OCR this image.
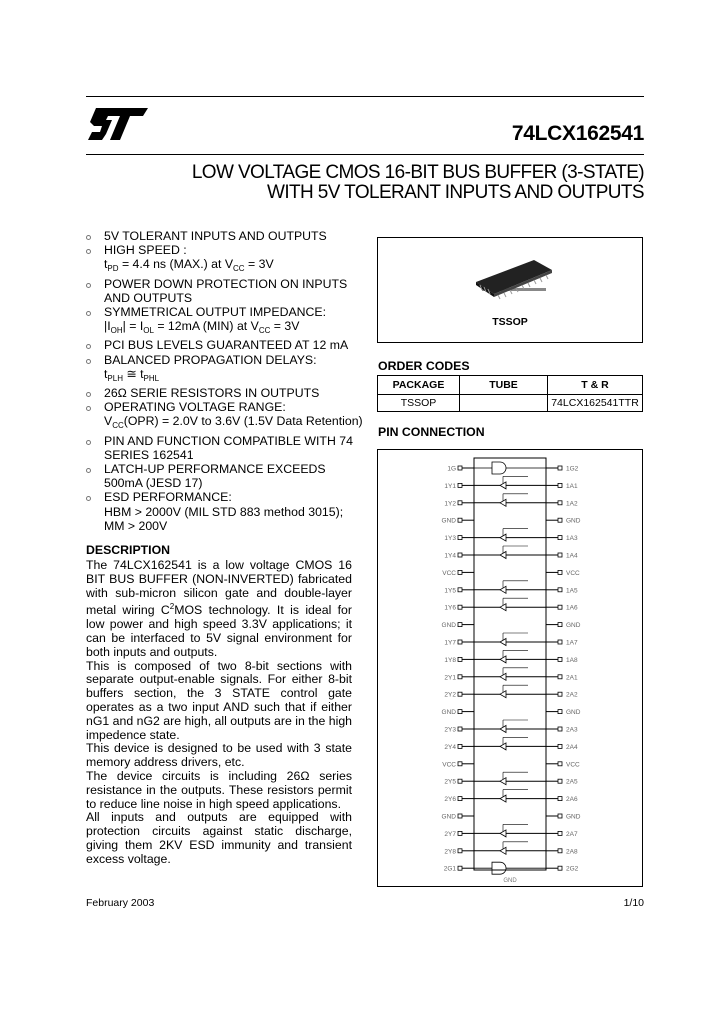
74LCX162541
LOW VOLTAGE CMOS 16-BIT BUS BUFFER (3-STATE)
WITH 5V TOLERANT INPUTS AND OUTPUTS
5V TOLERANT INPUTS AND OUTPUTS
HIGH SPEED :
$t_{PD} = 4.4$ ns (MAX.) at $V_{CC} = 3V$
POWER DOWN PROTECTION ON INPUTS AND OUTPUTS
SYMMETRICAL OUTPUT IMPEDANCE:
$|I_{OH}| = I_{OL} = 12mA$ (MIN) at $V_{CC} = 3V$
PCI BUS LEVELS GUARANTEED AT 12 mA
BALANCED PROPAGATION DELAYS:
$t_{PLH}$ ≅ $t_{PHL}$
26Ω SERIE RESISTORS IN OUTPUTS
OPERATING VOLTAGE RANGE:
$V_{CC}(OPR) = 2.0V$ to 3.6V (1.5V Data Retention)
PIN AND FUNCTION COMPATIBLE WITH 74 SERIES 162541
LATCH-UP PERFORMANCE EXCEEDS 500mA (JESD 17)
ESD PERFORMANCE:
HBM > 2000V (MIL STD 883 method 3015);
MM > 200V
DESCRIPTION

The 74LCX162541 is a low voltage CMOS 16 BIT BUS BUFFER (NON-INVERTED) fabricated with sub-micron silicon gate and double-layer metal wiring $C^2MOS$ technology. It is ideal for low power and high speed 3.3V applications; it can be interfaced to 5V signal environment for both inputs and outputs.

This is composed of two 8-bit sections with separate output-enable signals. For either 8-bit buffers section, the 3 STATE control gate operates as a two input AND such that if either nG1 and nG2 are high, all outputs are in the high impedence state.

This device is designed to be used with 3 state memory address drivers, etc.

The device circuits is including 26Ω series resistance in the outputs. These resistors permit to reduce line noise in high speed applications.

All inputs and outputs are equipped with protection circuits against static discharge, giving them 2KV ESD immunity and transient excess voltage.

TSSOP
ORDER CODES
PACKAGE	TUBE	T & R
TSSOP		74LCX162541TTR
PIN CONNECTION
1G	1G2
1Y1	1A1
1Y2	1A2
GND	GND
1Y3	1A3
1Y4	1A4
VCC	VCC
1Y5	1A5
1Y6	1A6
GND	GND
1Y7	1A7
1Y8	1A8
2Y1	2A1
2Y2	2A2
GND	GND
2Y3	2A3
2Y4	2A4
VCC	VCC
2Y5	2A5
2Y6	2A6
GND	GND
2Y7	2A7
2Y8	2A8
2G1	2G2
GND
February 2003	1/10
